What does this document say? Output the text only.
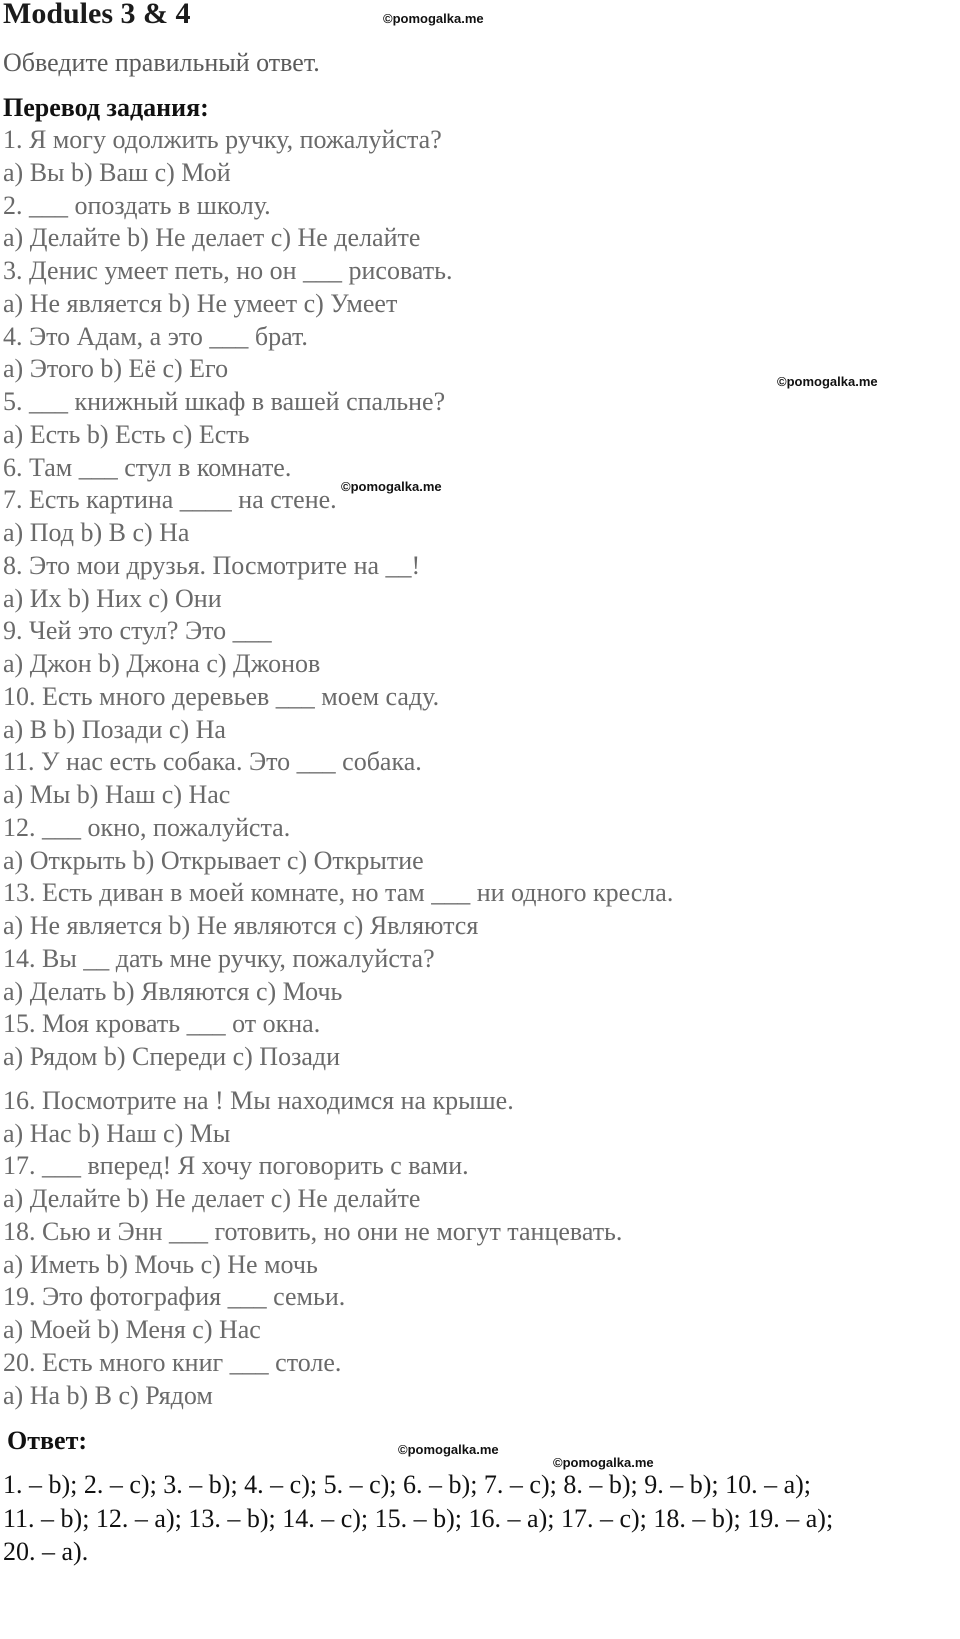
Modules 3 & 4	©pomogalka.me
Обведите правильный ответ.
Перевод задания:
1. Я могу одолжить ручку, пожалуйста?
a) Вы b) Ваш c) Мой
2. ___ опоздать в школу.
a) Делайте b) Не делает c) Не делайте
3. Денис умеет петь, но он ___ рисовать.
a) Не является b) Не умеет c) Умеет
4. Это Адам, а это ___ брат.
a) Этого b) Её c) Его	©pomogalka.me
5. ___ книжный шкаф в вашей спальне?
a) Есть b) Есть c) Есть
6. Там ___ стул в комнате.
©pomogalka.me
7. Есть картина ____ на стене.
a) Под b) В c) На
8. Это мои друзья. Посмотрите на __!
a) Их b) Них c) Они
9. Чей это стул? Это ___
a) Джон b) Джона c) Джонов
10. Есть много деревьев ___ моем саду.
a) В b) Позади c) На
11. У нас есть собака. Это ___ собака.
a) Мы b) Наш c) Нас
12. ___ окно, пожалуйста.
a) Открыть b) Открывает c) Открытие
13. Есть диван в моей комнате, но там ___ ни одного кресла.
a) Не является b) Не являются c) Являются
14. Вы __ дать мне ручку, пожалуйста?
a) Делать b) Являются c) Мочь
15. Моя кровать ___ от окна.
a) Рядом b) Спереди c) Позади
16. Посмотрите на ! Мы находимся на крыше.
a) Нас b) Наш c) Мы
17. ___ вперед! Я хочу поговорить с вами.
a) Делайте b) Не делает c) Не делайте
18. Сью и Энн ___ готовить, но они не могут танцевать.
a) Иметь b) Мочь c) Не мочь
19. Это фотография ___ семьи.
a) Моей b) Меня c) Нас
20. Есть много книг ___ столе.
a) На b) В c) Рядом
Ответ:	©pomogalka.me
©pomogalka.me
1. – b); 2. – c); 3. – b); 4. – c); 5. – c); 6. – b); 7. – c); 8. – b); 9. – b); 10. – a);
11. – b); 12. – a); 13. – b); 14. – c); 15. – b); 16. – a); 17. – c); 18. – b); 19. – a);
20. – a).
